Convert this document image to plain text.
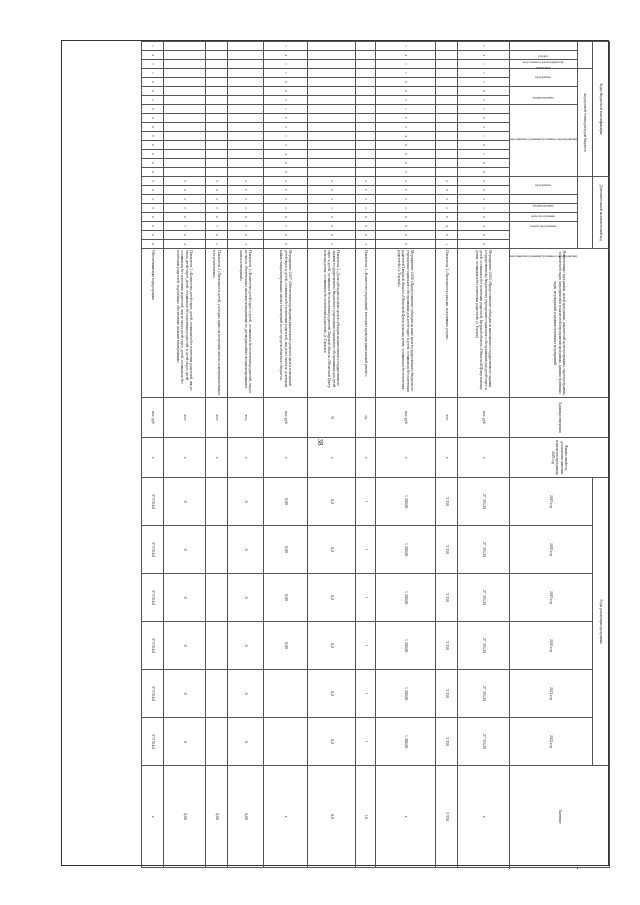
38
Коды бюджетной классификации															Дополнительный аналитический код								Наименование программы, целей программы, показателей цели программы, задач программы, показателей задач, мероприятий и показателей мероприятий программы, административных задач, мероприятий и административных мероприятий	Единица измерения	Финансовый год достижения значения показателя программы 2025 год	Годы реализации программы						Значение	
			код целевой статьи расходов бюджета																							2019 год	2018 год	2019 год	2020 год	2021 год	2022 год		
код главного распорядителя	раздел	подраздел	программа		подпрограмма		мероприятие (административное мероприятие)								программа		подпрограмма	цель программы	задача программы	мероприятие (административное мероприятие)	
1	4	1	1	1	0	2	1	0	5	1	6	1	0	8	3	0	5	2	0	4	0	0	Мероприятие 2.004 «Предоставление субсидии на выполнение государственного задания государственному бюджетному учреждению социального обслуживания для детей-сирот и детей, оставшихся без попечения родителей, Тверской области «Областной Центр помощи детям, оставшимся без попечения родителей» (г. Торжок)	тыс. руб.	х	27 316,29	27 316,29	27 316,29	27 316,29	27 316,29	27 316,29	х	
															3	0	5	2	0	4	0	1	Показатель 1 «Численность граждан, получивших услуги»	чел.	х	5 550	5 550	5 550	5 550	5 550	5 550	5 550	
1	4	1	1	0	0	2	1	0	5	4	0	0	0	6	3	0	5	2	0	6	0	0	Мероприятие 2.006 «Предоставление субсидии на иные цели государственного бюджетного учреждения социального обслуживания для детей-сирот и детей, оставшихся без попечения родителей Тверской области «Областной Центр помощи детям, оставшимся без попечения родителей» (г. Торжок)»	тыс. руб.	х	1 300,00	1 300,00	1 300,00	1 300,00	1 300,00	1 300,00	х	
															3	0	5	2	0	6	0	1	Показатель 1 «Количество учреждений, в которых проведен капитальный ремонт»	ед.	х	1	1	1	1	1	1	1,0	
															3	0	5	2	0	6	0	2	Показатель 2 «Доля субсидии на иные цели в субсидии на выполнение государственного задания государственного бюджетного учреждения социального обслуживания для детей-сирот и детей, оставшихся без попечения родителей Тверской области «Областной Центр помощи детям, оставшимся без попечения родителей» (г. Торжок)»	%	х	0,0	0,0	0,0	0,0	0,0	0,0	0,0	
1	4	1	1	0	0	2	1	0	5	1	2	4	0	0	3	0	5	2	0	7	0	0	Мероприятие 2.007 «Обеспечение проведения капитального ремонта жилых помещений детей-сирот и детей, оставшихся без попечения родителей, лиц из их числа по договорам найма специализированных жилых помещений за счет средств областного бюджета»	тыс. руб.	х	0,00	0,00	0,00	0,00			х	
															3	0	5	2	0	7	0	1	Показатель 1 «Количество детей-сирот и детей, оставшихся без попечения родителей, лиц из их числа, обеспеченных жилыми помещениями по договорам найма специализированных жилых помещений»	чел.	х	0	0	0	0	0	0	0,00	
															3	0	5	2	0	7	0	2	Показатель 2 «Численность детей, у которых право на получение жилого помещения возникло и не реализовано»	чел.	х							0,00	
															3	0	5	2	0	7	0	3	Показатель 3 «Количество детей-сирот, детей, оставшихся без попечения родителей, лиц из числа детей-сирот, детей, оставшихся без попечения родителей, и детей-сирот, детей, оставшихся без попечения родителей, лиц из числа детей-сирот, детей, оставшихся без попечения родителей, подлежащих обеспечению жилыми помещениями»	чел.	х	0	0	0	0	0	0	0,00	
1	4	1	1	0	0	2	9	0	0	0	0	0	0	0	3	0	5	9	0	0	0	0	Обеспечивающая подпрограмма	тыс. руб.	х	373 914,8	373 914,8	373 914,8	373 914,8	373 914,8	373 914,8	х	
